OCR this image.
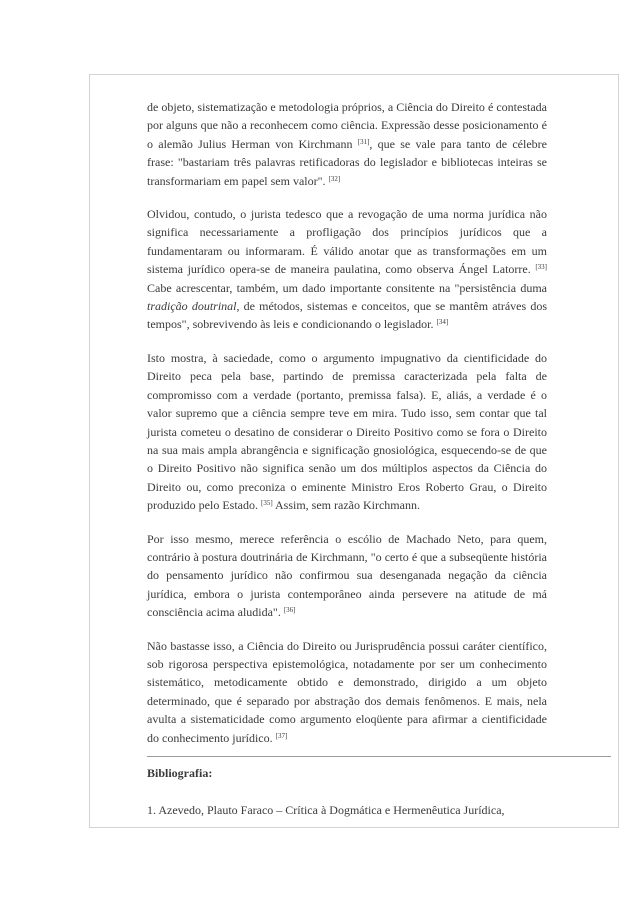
de objeto, sistematização e metodologia próprios, a Ciência do Direito é contestada por alguns que não a reconhecem como ciência. Expressão desse posicionamento é o alemão Julius Herman von Kirchmann [31], que se vale para tanto de célebre frase: "bastariam três palavras retificadoras do legislador e bibliotecas inteiras se transformariam em papel sem valor". [32]

Olvidou, contudo, o jurista tedesco que a revogação de uma norma jurídica não significa necessariamente a profligação dos princípios jurídicos que a fundamentaram ou informaram. É válido anotar que as transformações em um sistema jurídico opera-se de maneira paulatina, como observa Ángel Latorre. [33] Cabe acrescentar, também, um dado importante consitente na "persistência duma tradição doutrinal, de métodos, sistemas e conceitos, que se mantêm atráves dos tempos", sobrevivendo às leis e condicionando o legislador. [34]

Isto mostra, à saciedade, como o argumento impugnativo da cientificidade do Direito peca pela base, partindo de premissa caracterizada pela falta de compromisso com a verdade (portanto, premissa falsa). E, aliás, a verdade é o valor supremo que a ciência sempre teve em mira. Tudo isso, sem contar que tal jurista cometeu o desatino de considerar o Direito Positivo como se fora o Direito na sua mais ampla abrangência e significação gnosiológica, esquecendo-se de que o Direito Positivo não significa senão um dos múltiplos aspectos da Ciência do Direito ou, como preconiza o eminente Ministro Eros Roberto Grau, o Direito produzido pelo Estado. [35] Assim, sem razão Kirchmann.

Por isso mesmo, merece referência o escólio de Machado Neto, para quem, contrário à postura doutrinária de Kirchmann, "o certo é que a subseqüente história do pensamento jurídico não confirmou sua desenganada negação da ciência jurídica, embora o jurista contemporâneo ainda persevere na atitude de má consciência acima aludida". [36]

Não bastasse isso, a Ciência do Direito ou Jurisprudência possui caráter científico, sob rigorosa perspectiva epistemológica, notadamente por ser um conhecimento sistemático, metodicamente obtido e demonstrado, dirigido a um objeto determinado, que é separado por abstração dos demais fenômenos. E mais, nela avulta a sistematicidade como argumento eloqüente para afirmar a cientificidade do conhecimento jurídico. [37]

Bibliografia:
1. Azevedo, Plauto Faraco – Crítica à Dogmática e Hermenêutica Jurídica,
